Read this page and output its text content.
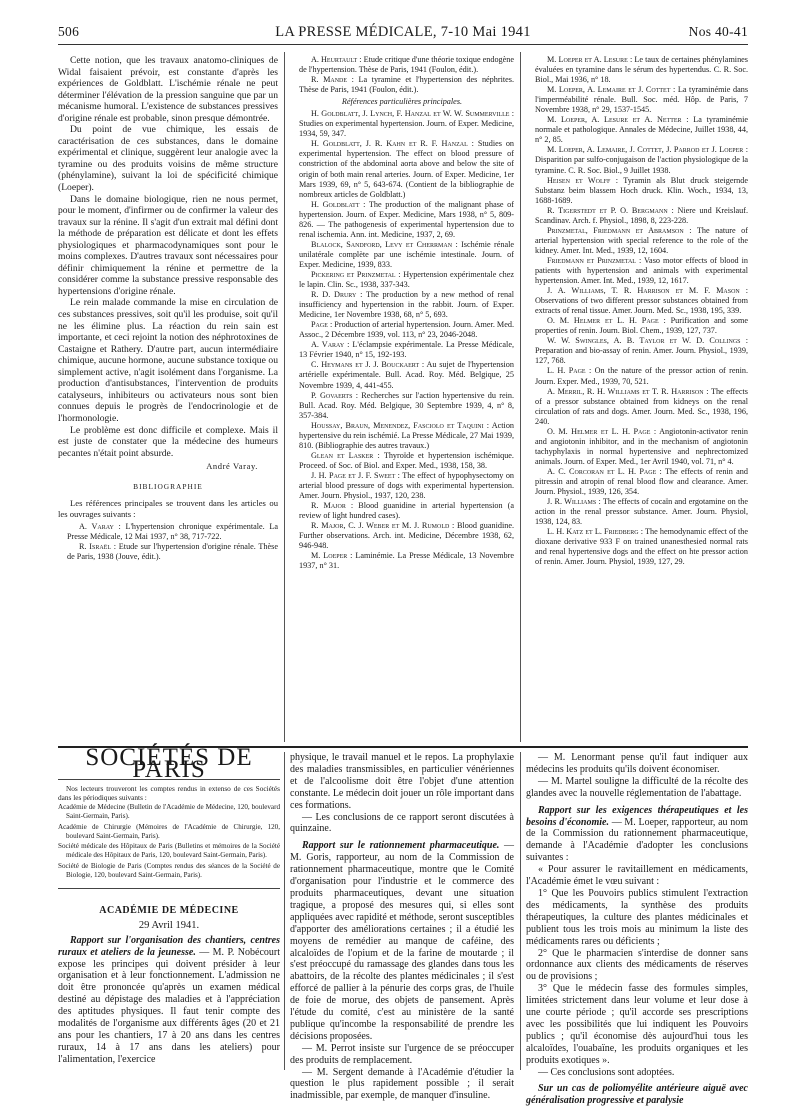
506	LA PRESSE MÉDICALE, 7-10 Mai 1941	Nos 40-41

Cette notion, que les travaux anatomo-cliniques de Widal faisaient prévoir, est constante d'après les expériences de Goldblatt. L'ischémie rénale ne peut déterminer l'élévation de la pression sanguine que par un mécanisme humoral. L'existence de substances pressives d'origine rénale est probable, sinon presque démontrée.

Du point de vue chimique, les essais de caractérisation de ces substances, dans le domaine expérimental et clinique, suggèrent leur analogie avec la tyramine ou des produits voisins de même structure (phénylamine), suivant la loi de spécificité chimique (Loeper).

Dans le domaine biologique, rien ne nous permet, pour le moment, d'infirmer ou de confirmer la valeur des travaux sur la rénine. Il s'agit d'un extrait mal défini dont la méthode de préparation est délicate et dont les effets physiologiques et pharmacodynamiques sont pour le moins complexes. D'autres travaux sont nécessaires pour définir chimiquement la rénine et permettre de la considérer comme la substance pressive responsable des hypertensions d'origine rénale.

Le rein malade commande la mise en circulation de ces substances pressives, soit qu'il les produise, soit qu'il ne les élimine plus. La réaction du rein sain est importante, et ceci rejoint la notion des néphrotoxines de Castaigne et Rathery. D'autre part, aucun intermédiaire chimique, aucune hormone, aucune substance toxique ou simplement active, n'agit isolément dans l'organisme. La production d'antisubstances, l'intervention de produits catalyseurs, inhibiteurs ou activateurs nous sont bien connues depuis le progrès de l'endocrinologie et de l'hormonologie.

Le problème est donc difficile et complexe. Mais il est juste de constater que la médecine des humeurs pecantes n'était point absurde.

André Varay.

BIBLIOGRAPHIE

Les références principales se trouvent dans les articles ou les ouvrages suivants :

A. Varay : L'hypertension chronique expérimentale. La Presse Médicale, 12 Mai 1937, n° 38, 717-722.

R. Israël : Etude sur l'hypertension d'origine rénale. Thèse de Paris, 1938 (Jouve, édit.).

A. Heurtault : Etude critique d'une théorie toxique endogène de l'hypertension. Thèse de Paris, 1941 (Foulon, édit.).

R. Mande : La tyramine et l'hypertension des néphrites. Thèse de Paris, 1941 (Foulon, édit.).

Références particulières principales.

H. Goldblatt, J. Lynch, F. Hanzal et W. W. Summerville : Studies on experimental hypertension. Journ. of Exper. Medicine, 1934, 59, 347.

H. Goldblatt, J. R. Kahn et R. F. Hanzal : Studies on experimental hypertension. The effect on blood pressure of constriction of the abdominal aorta above and below the site of origin of both main renal arteries. Journ. of Exper. Medicine, 1er Mars 1939, 69, n° 5, 643-674. (Contient de la bibliographie de nombreux articles de Goldblatt.)

H. Goldblatt : The production of the malignant phase of hypertension. Journ. of Exper. Medicine, Mars 1938, n° 5, 809-826. — The pathogenesis of experimental hypertension due to renal ischemia. Ann. int. Medicine, 1937, 2, 69.

Blalock, Sandford, Levy et Cherrman : Ischémie rénale unilatérale complète par une ischémie intestinale. Journ. of Exper. Medicine, 1939, 833.

Pickering et Prinzmetal : Hypertension expérimentale chez le lapin. Clin. Sc., 1938, 337-343.

R. D. Drury : The production by a new method of renal insufficiency and hypertension in the rabbit. Journ. of Exper. Medicine, 1er Novembre 1938, 68, n° 5, 693.

Page : Production of arterial hypertension. Journ. Amer. Med. Assoc., 2 Décembre 1939, vol. 113, n° 23, 2046-2048.

A. Varay : L'éclampsie expérimentale. La Presse Médicale, 13 Février 1940, n° 15, 192-193.

C. Heymans et J. J. Bouckaert : Au sujet de l'hypertension artérielle expérimentale. Bull. Acad. Roy. Méd. Belgique, 25 Novembre 1939, 4, 441-455.

P. Govaerts : Recherches sur l'action hypertensive du rein. Bull. Acad. Roy. Méd. Belgique, 30 Septembre 1939, 4, n° 8, 357-384.

Houssay, Braun, Menendez, Fasciolo et Taquini : Action hypertensive du rein ischémié. La Presse Médicale, 27 Mai 1939, 810. (Bibliographie des autres travaux.)

Glean et Lasker : Thyroïde et hypertension ischémique. Proceed. of Soc. of Biol. and Exper. Med., 1938, 158, 38.

J. H. Page et J. F. Sweet : The effect of hypophysectomy on arterial blood pressure of dogs with experimental hypertension. Amer. Journ. Physiol., 1937, 120, 238.

R. Major : Blood guanidine in arterial hypertension (a review of light hundred cases).

R. Major, C. J. Weber et M. J. Rumold : Blood guanidine. Further observations. Arch. int. Medicine, Décembre 1938, 62, 946-948.

M. Loeper : Laminémie. La Presse Médicale, 13 Novembre 1937, n° 31.

M. Loeper et A. Lesure : Le taux de certaines phénylamines évaluées en tyramine dans le sérum des hypertendus. C. R. Soc. Biol., Mai 1936, n° 18.

M. Loeper, A. Lemaire et J. Cottet : La tyraminémie dans l'imperméabilité rénale. Bull. Soc. méd. Hôp. de Paris, 7 Novembre 1938, n° 29, 1537-1545.

M. Loeper, A. Lesure et A. Netter : La tyraminémie normale et pathologique. Annales de Médecine, Juillet 1938, 44, n° 2, 85.

M. Loeper, A. Lemaire, J. Cottet, J. Parrod et J. Loeper : Disparition par sulfo-conjugaison de l'action physiologique de la tyramine. C. R. Soc. Biol., 9 Juillet 1938.

Heisen et Wolff : Tyramin als Blut druck steigernde Substanz beim blassem Hoch druck. Klin. Woch., 1934, 13, 1688-1689.

R. Tigerstedt et P. O. Bergmann : Niere und Kreislauf. Scandinav. Arch. f. Physiol., 1898, 8, 223-228.

Prinzmetal, Friedmann et Abramson : The nature of arterial hypertension with special reference to the role of the kidney. Amer. Int. Med., 1939, 12, 1604.

Friedmann et Prinzmetal : Vaso motor effects of blood in patients with hypertension and animals with experimental hypertension. Amer. Int. Med., 1939, 12, 1617.

J. A. Williams, T. R. Harrison et M. F. Mason : Observations of two different pressor substances obtained from extracts of renal tissue. Amer. Journ. Med. Sc., 1938, 195, 339.

O. M. Helmer et L. H. Page : Purification and some properties of renin. Journ. Biol. Chem., 1939, 127, 737.

W. W. Swingles, A. B. Taylor et W. D. Collings : Preparation and bio-assay of renin. Amer. Journ. Physiol., 1939, 127, 768.

L. H. Page : On the nature of the pressor action of renin. Journ. Exper. Med., 1939, 70, 521.

A. Merril, R. H. Williams et T. R. Harrison : The effects of a pressor substance obtained from kidneys on the renal circulation of rats and dogs. Amer. Journ. Med. Sc., 1938, 196, 240.

O. M. Helmer et L. H. Page : Angiotonin-activator renin and angiotonin inhibitor, and in the mechanism of angiotonin tachyphylaxis in normal hypertensive and nephrectomized animals. Journ. of Exper. Med., 1er Avril 1940, vol. 71, n° 4.

A. C. Corcoran et L. H. Page : The effects of renin and pitressin and atropin of renal blood flow and clearance. Amer. Journ. Physiol., 1939, 126, 354.

J. R. Williams : The effects of cocaïn and ergotamine on the action in the renal pressor substance. Amer. Journ. Physiol, 1938, 124, 83.

L. H. Katz et L. Friedberg : The hemodynamic effect of the dioxane derivative 933 F on trained unanesthesied normal rats and renal hypertensive dogs and the effect on hte pressor action of renin. Amer. Journ. Physiol, 1939, 127, 29.

SOCIÉTÉS DE PARIS

Nos lecteurs trouveront les comptes rendus in extenso de ces Sociétés dans les périodiques suivants :

Académie de Médecine (Bulletin de l'Académie de Médecine, 120, boulevard Saint-Germain, Paris).

Académie de Chirurgie (Mémoires de l'Académie de Chirurgie, 120, boulevard Saint-Germain, Paris).

Société médicale des Hôpitaux de Paris (Bulletins et mémoires de la Société médicale des Hôpitaux de Paris, 120, boulevard Saint-Germain, Paris).

Société de Biologie de Paris (Comptes rendus des séances de la Société de Biologie, 120, boulevard Saint-Germain, Paris).

ACADÉMIE DE MÉDECINE
29 Avril 1941.

Rapport sur l'organisation des chantiers, centres ruraux et ateliers de la jeunesse. — M. P. Nobécourt expose les principes qui doivent présider à leur organisation et à leur fonctionnement. L'admission ne doit être prononcée qu'après un examen médical destiné au dépistage des maladies et à l'appréciation des aptitudes physiques. Il faut tenir compte des modalités de l'organisme aux différents âges (20 et 21 ans pour les chantiers, 17 à 20 ans dans les centres ruraux, 14 à 17 ans dans les ateliers) pour l'alimentation, l'exercice

physique, le travail manuel et le repos. La prophylaxie des maladies transmissibles, en particulier vénériennes et de l'alcoolisme doit être l'objet d'une attention constante. Le médecin doit jouer un rôle important dans ces formations.

— Les conclusions de ce rapport seront discutées à quinzaine.

Rapport sur le rationnement pharmaceutique. — M. Goris, rapporteur, au nom de la Commission de rationnement pharmaceutique, montre que le Comité d'organisation pour l'industrie et le commerce des produits pharmaceutiques, devant une situation tragique, a proposé des mesures qui, si elles sont appliquées avec rapidité et méthode, seront susceptibles d'apporter des améliorations certaines ; il a étudié les moyens de remédier au manque de caféine, des alcaloïdes de l'opium et de la farine de moutarde ; il s'est préoccupé du ramassage des glandes dans tous les abattoirs, de la récolte des plantes médicinales ; il s'est efforcé de pallier à la pénurie des corps gras, de l'huile de foie de morue, des objets de pansement. Après l'étude du comité, c'est au ministère de la santé publique qu'incombe la responsabilité de prendre les décisions proposées.

— M. Perrot insiste sur l'urgence de se préoccuper des produits de remplacement.

— M. Sergent demande à l'Académie d'étudier la question le plus rapidement possible ; il serait inadmissible, par exemple, de manquer d'insuline.

— M. Lenormant pense qu'il faut indiquer aux médecins les produits qu'ils doivent économiser.

— M. Martel souligne la difficulté de la récolte des glandes avec la nouvelle réglementation de l'abattage.

Rapport sur les exigences thérapeutiques et les besoins d'économie. — M. Loeper, rapporteur, au nom de la Commission du rationnement pharmaceutique, demande à l'Académie d'adopter les conclusions suivantes :

« Pour assurer le ravitaillement en médicaments, l'Académie émet le vœu suivant :

1° Que les Pouvoirs publics stimulent l'extraction des médicaments, la synthèse des produits thérapeutiques, la culture des plantes médicinales et publient tous les trois mois au minimum la liste des médicaments rares ou déficients ;

2° Que le pharmacien s'interdise de donner sans ordonnance aux clients des médicaments de réserves ou de provisions ;

3° Que le médecin fasse des formules simples, limitées strictement dans leur volume et leur dose à une courte période ; qu'il accorde ses prescriptions avec les possibilités que lui indiquent les Pouvoirs publics ; qu'il économise dès aujourd'hui tous les alcaloïdes, l'ouabaïne, les produits organiques et les produits exotiques ».

— Ces conclusions sont adoptées.

Sur un cas de poliomyélite antérieure aiguë avec généralisation progressive et paralysie
